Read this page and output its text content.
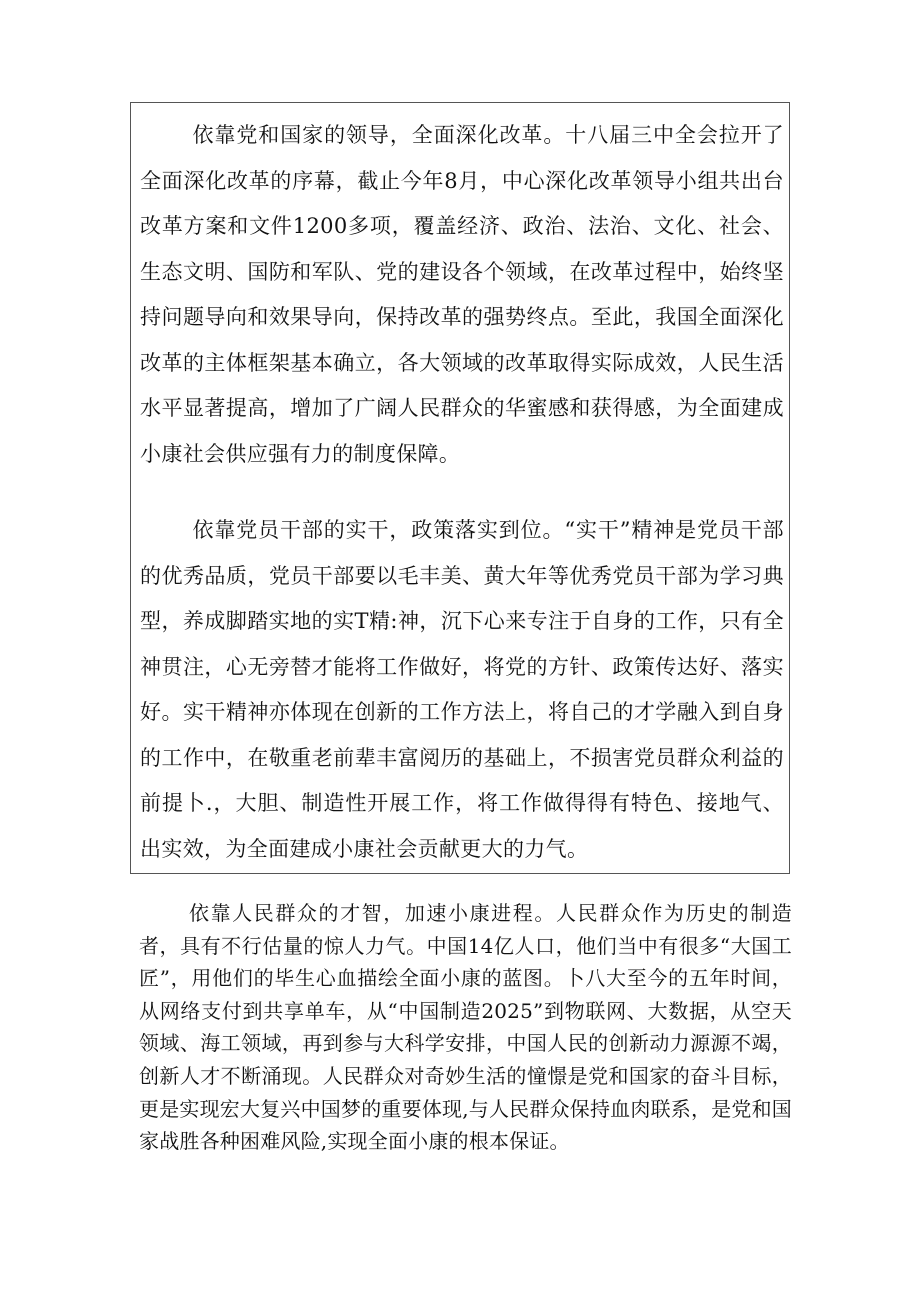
依靠党和国家的领导，全面深化改革。十八届三中全会拉开了全面深化改革的序幕，截止今年8月，中心深化改革领导小组共出台改革方案和文件1200多项，覆盖经济、政治、法治、文化、社会、生态文明、国防和军队、党的建设各个领域，在改革过程中，始终坚持问题导向和效果导向，保持改革的强势终点。至此，我国全面深化改革的主体框架基本确立，各大领域的改革取得实际成效，人民生活水平显著提高，增加了广阔人民群众的华蜜感和获得感，为全面建成小康社会供应强有力的制度保障。

依靠党员干部的实干，政策落实到位。“实干”精神是党员干部的优秀品质，党员干部要以毛丰美、黄大年等优秀党员干部为学习典型，养成脚踏实地的实T精:神，沉下心来专注于自身的工作，只有全神贯注，心无旁替才能将工作做好，将党的方针、政策传达好、落实好。实干精神亦体现在创新的工作方法上，将自己的才学融入到自身的工作中，在敬重老前辈丰富阅历的基础上，不损害党员群众利益的前提卜.，大胆、制造性开展工作，将工作做得得有特色、接地气、出实效，为全面建成小康社会贡献更大的力气。

依靠人民群众的才智，加速小康进程。人民群众作为历史的制造者，具有不行估量的惊人力气。中国14亿人口，他们当中有很多“大国工匠”，用他们的毕生心血描绘全面小康的蓝图。卜八大至今的五年时间，从网络支付到共享单车，从“中国制造2025”到物联网、大数据，从空天领域、海工领域，再到参与大科学安排，中国人民的创新动力源源不竭，创新人才不断涌现。人民群众对奇妙生活的憧憬是党和国家的奋斗目标，更是实现宏大复兴中国梦的重要体现,与人民群众保持血肉联系，是党和国家战胜各种困难风险,实现全面小康的根本保证。
